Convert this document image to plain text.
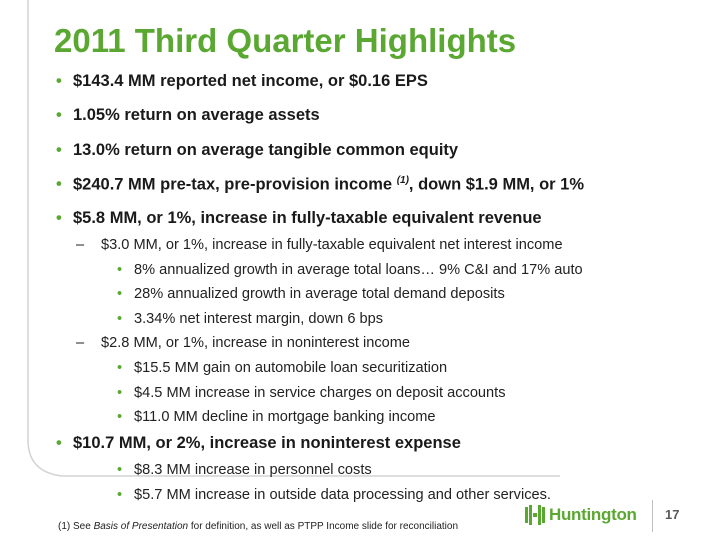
2011 Third Quarter Highlights
• $143.4 MM reported net income, or $0.16 EPS
• 1.05% return on average assets
• 13.0% return on average tangible common equity
• $240.7 MM pre-tax, pre-provision income $^{(1)}$, down $1.9 MM, or 1%
• $5.8 MM, or 1%, increase in fully-taxable equivalent revenue
– $3.0 MM, or 1%, increase in fully-taxable equivalent net interest income
• 8% annualized growth in average total loans… 9% C&I and 17% auto
• 28% annualized growth in average total demand deposits
• 3.34% net interest margin, down 6 bps
– $2.8 MM, or 1%, increase in noninterest income
• $15.5 MM gain on automobile loan securitization
• $4.5 MM increase in service charges on deposit accounts
• $11.0 MM decline in mortgage banking income
• $10.7 MM, or 2%, increase in noninterest expense
• $8.3 MM increase in personnel costs
• $5.7 MM increase in outside data processing and other services.
(1) See Basis of Presentation for definition, as well as PTPP Income slide for reconciliation
Huntington 17
